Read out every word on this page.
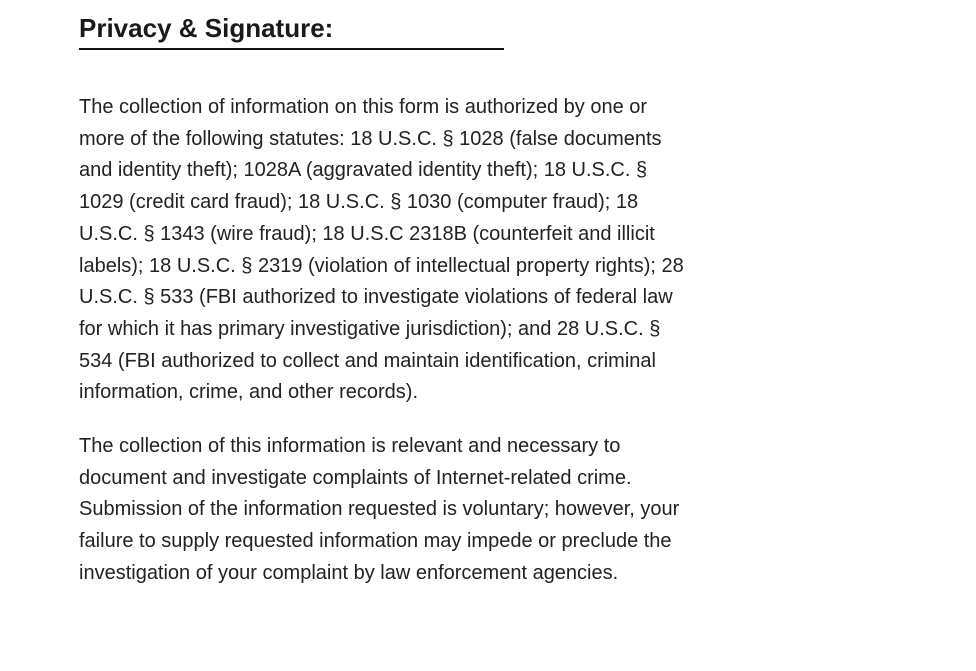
Privacy & Signature:

The collection of information on this form is authorized by one or more of the following statutes: 18 U.S.C. § 1028 (false documents and identity theft); 1028A (aggravated identity theft); 18 U.S.C. § 1029 (credit card fraud); 18 U.S.C. § 1030 (computer fraud); 18 U.S.C. § 1343 (wire fraud); 18 U.S.C 2318B (counterfeit and illicit labels); 18 U.S.C. § 2319 (violation of intellectual property rights); 28 U.S.C. § 533 (FBI authorized to investigate violations of federal law for which it has primary investigative jurisdiction); and 28 U.S.C. § 534 (FBI authorized to collect and maintain identification, criminal information, crime, and other records).

The collection of this information is relevant and necessary to document and investigate complaints of Internet-related crime. Submission of the information requested is voluntary; however, your failure to supply requested information may impede or preclude the investigation of your complaint by law enforcement agencies.
